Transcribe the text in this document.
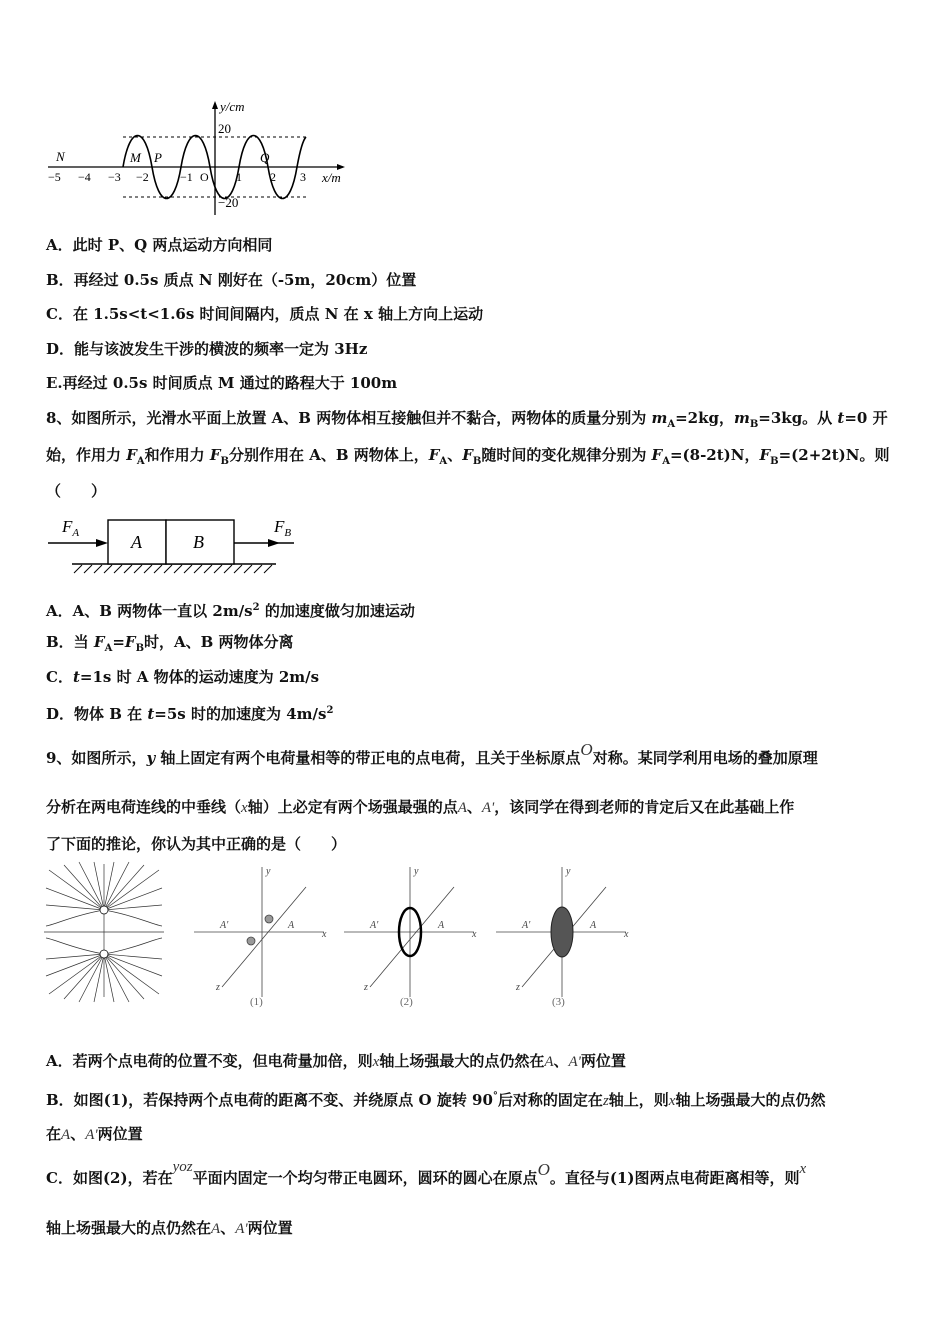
y/cm
20
−20
x/m
−5 −4 −3 −2	−1 O 1 2 3
N	M P	Q
A．此时 P、Q 两点运动方向相同
B．再经过 0.5s 质点 N 刚好在（-5m，20cm）位置
C．在 1.5s<t<1.6s 时间间隔内，质点 N 在 x 轴上方向上运动
D．能与该波发生干涉的横波的频率一定为 3Hz
E.再经过 0.5s 时间质点 M 通过的路程大于 100m
8、如图所示，光滑水平面上放置 A、B 两物体相互接触但并不黏合，两物体的质量分别为 $m_A=2kg$，$m_B=3kg$。从 t=0 开
始，作用力 $F_A$和作用力 $F_B$分别作用在 A、B 两物体上，$F_A$、$F_B$随时间的变化规律分别为 $F_A=(8-2t)N$，$F_B=(2+2t)N$。则
（　　）
A	B
$F_A$	$F_B$
A．A、B 两物体一直以 $2m/s^2$ 的加速度做匀加速运动
B．当 $F_A=F_B$时，A、B 两物体分离
C．t=1s 时 A 物体的运动速度为 2m/s
D．物体 B 在 t=5s 时的加速度为 $4m/s^2$
9、如图所示，y 轴上固定有两个电荷量相等的带正电的点电荷，且关于坐标原点O对称。某同学利用电场的叠加原理
分析在两电荷连线的中垂线（x轴）上必定有两个场强最强的点A、A'，该同学在得到老师的肯定后又在此基础上作
了下面的推论，你认为其中正确的是（　　）
y
x
z
A
A'
(1)
y
x
z
A
A'
(2)
y
x
z
A
A'
(3)
A．若两个点电荷的位置不变，但电荷量加倍，则x轴上场强最大的点仍然在A、A'两位置
B．如图(1)，若保持两个点电荷的距离不变、并绕原点 O 旋转 90°后对称的固定在z轴上，则x轴上场强最大的点仍然
在A、A'两位置
C．如图(2)，若在yoz平面内固定一个均匀带正电圆环，圆环的圆心在原点O。直径与(1)图两点电荷距离相等，则x
轴上场强最大的点仍然在A、A'两位置
